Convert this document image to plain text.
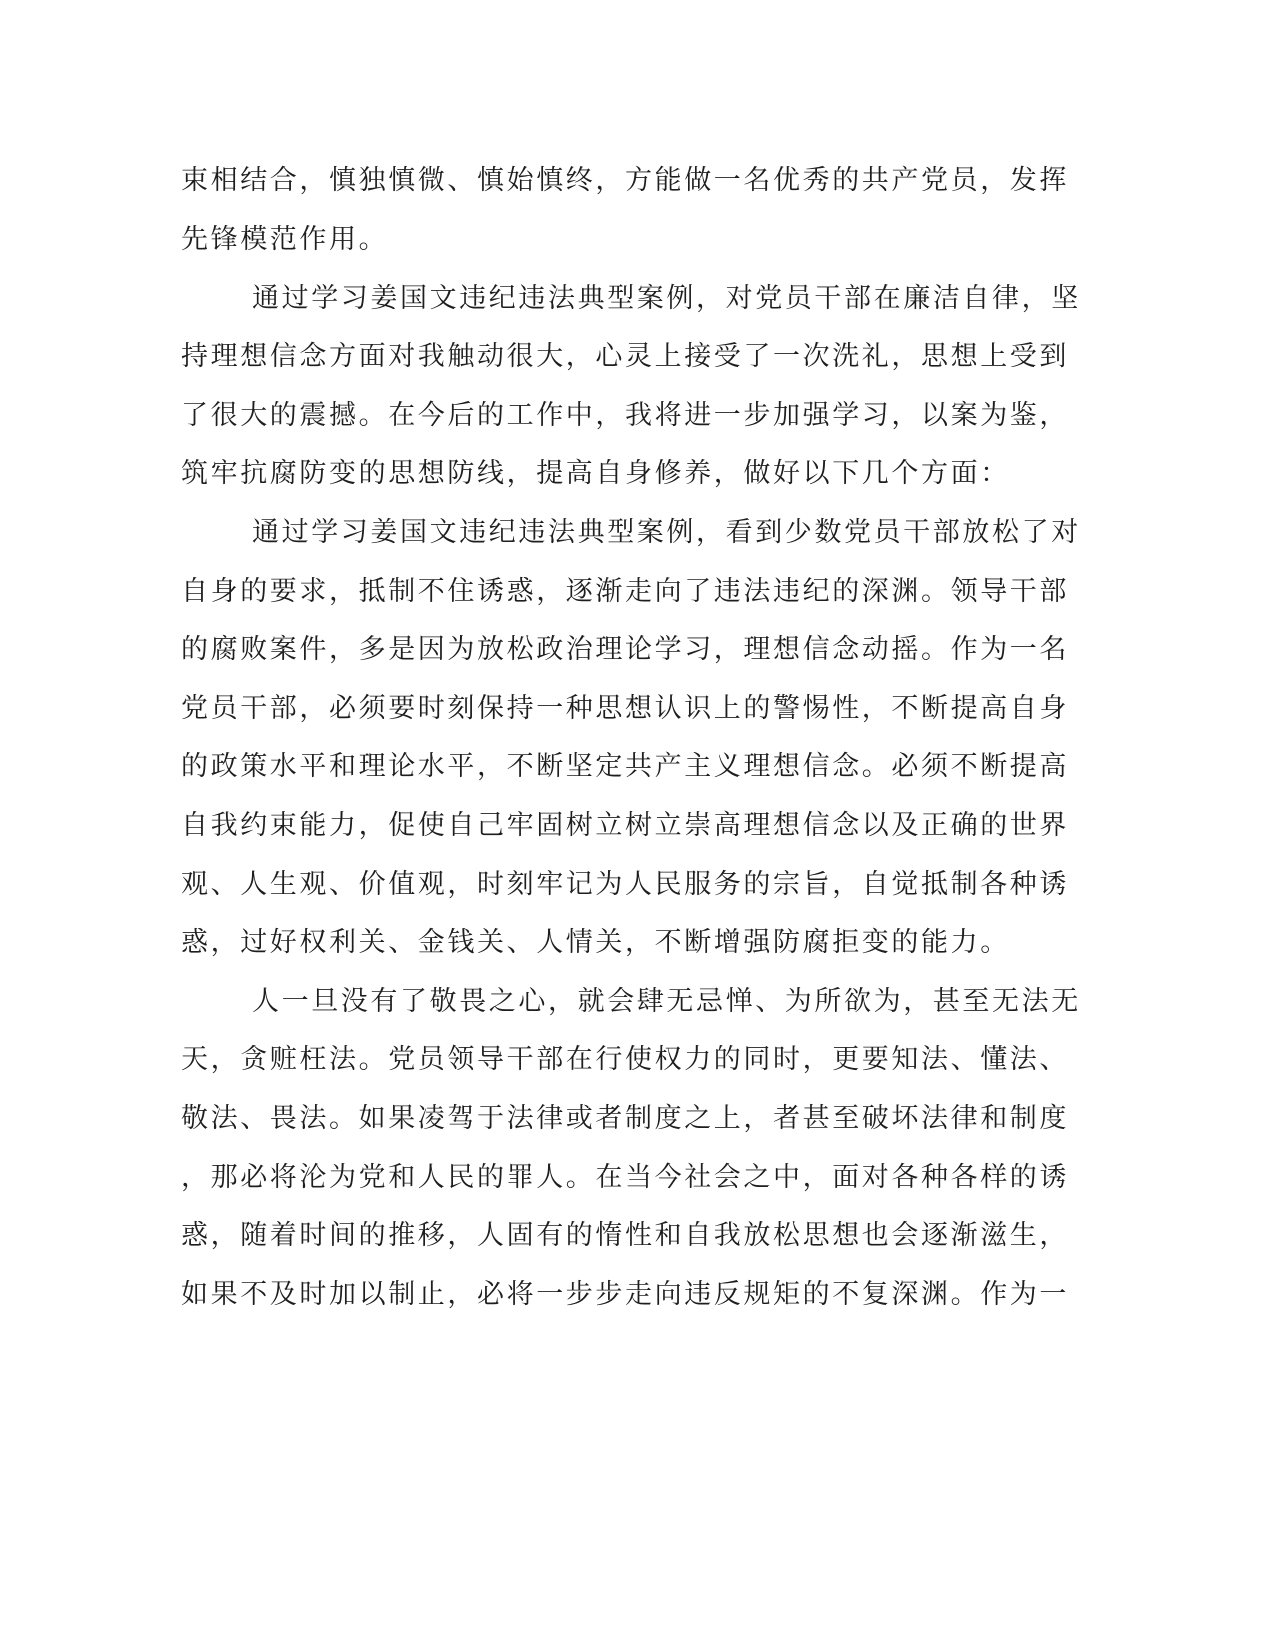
束相结合，慎独慎微、慎始慎终，方能做一名优秀的共产党员，发挥
先锋模范作用。
通过学习姜国文违纪违法典型案例，对党员干部在廉洁自律，坚
持理想信念方面对我触动很大，心灵上接受了一次洗礼，思想上受到
了很大的震撼。在今后的工作中，我将进一步加强学习，以案为鉴，
筑牢抗腐防变的思想防线，提高自身修养，做好以下几个方面：
通过学习姜国文违纪违法典型案例，看到少数党员干部放松了对
自身的要求，抵制不住诱惑，逐渐走向了违法违纪的深渊。领导干部
的腐败案件，多是因为放松政治理论学习，理想信念动摇。作为一名
党员干部，必须要时刻保持一种思想认识上的警惕性，不断提高自身
的政策水平和理论水平，不断坚定共产主义理想信念。必须不断提高
自我约束能力，促使自己牢固树立树立崇高理想信念以及正确的世界
观、人生观、价值观，时刻牢记为人民服务的宗旨，自觉抵制各种诱
惑，过好权利关、金钱关、人情关，不断增强防腐拒变的能力。
人一旦没有了敬畏之心，就会肆无忌惮、为所欲为，甚至无法无
天，贪赃枉法。党员领导干部在行使权力的同时，更要知法、懂法、
敬法、畏法。如果凌驾于法律或者制度之上，者甚至破坏法律和制度
，那必将沦为党和人民的罪人。在当今社会之中，面对各种各样的诱
惑，随着时间的推移，人固有的惰性和自我放松思想也会逐渐滋生，
如果不及时加以制止，必将一步步走向违反规矩的不复深渊。作为一
